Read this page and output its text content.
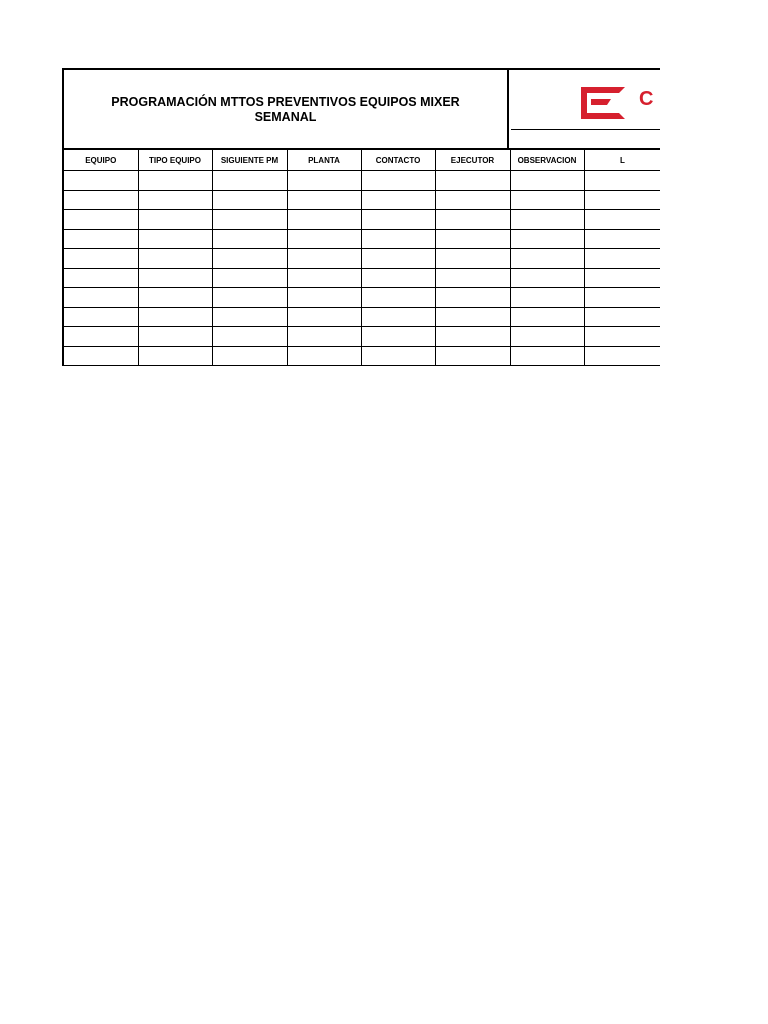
PROGRAMACIÓN MTTOS PREVENTIVOS EQUIPOS MIXER SEMANAL
C
EQUIPO	TIPO EQUIPO	SIGUIENTE PM	PLANTA	CONTACTO	EJECUTOR	OBSERVACION	L
